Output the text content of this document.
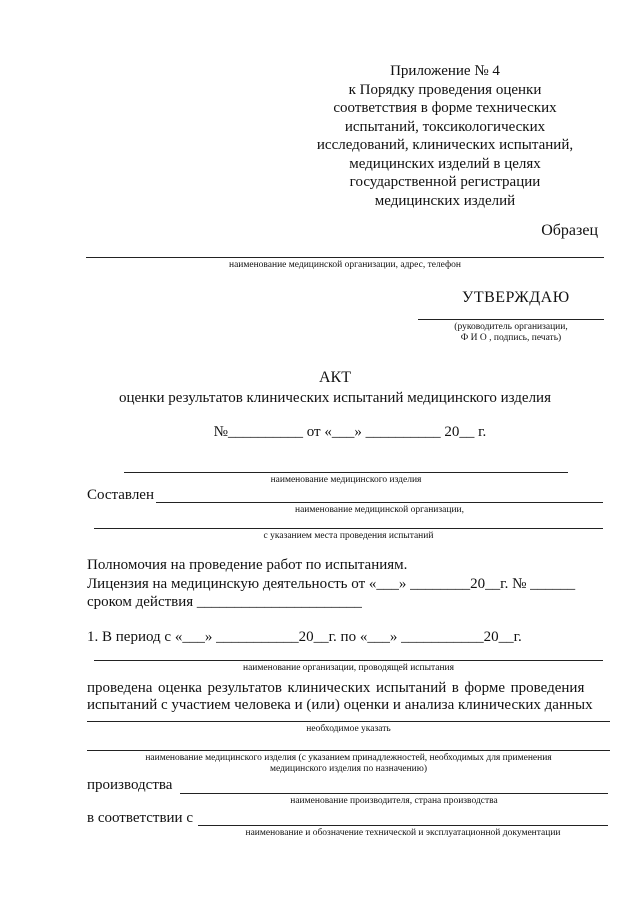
Приложение № 4
к Порядку проведения оценки
соответствия в форме технических
испытаний, токсикологических
исследований, клинических испытаний,
медицинских изделий в целях
государственной регистрации
медицинских изделий
Образец
наименование медицинской организации, адрес, телефон
УТВЕРЖДАЮ
(руководитель организации,
Ф И О , подпись, печать)
АКТ
оценки результатов клинических испытаний медицинского изделия
№__________ от «___» __________ 20__ г.
наименование медицинского изделия
Составлен
наименование медицинской организации,
с указанием места проведения испытаний
Полномочия на проведение работ по испытаниям.
Лицензия на медицинскую деятельность от «___» ________20__г. № ______
сроком действия ______________________
1. В период с «___» ___________20__г. по «___» ___________20__г.
наименование организации, проводящей испытания
проведена оценка результатов клинических испытаний в форме проведения
испытаний с участием человека и (или) оценки и анализа клинических данных
необходимое указать
наименование медицинского изделия (с указанием принадлежностей, необходимых для применения
медицинского изделия по назначению)
производства
наименование производителя, страна производства
в соответствии с
наименование и обозначение технической и эксплуатационной документации
